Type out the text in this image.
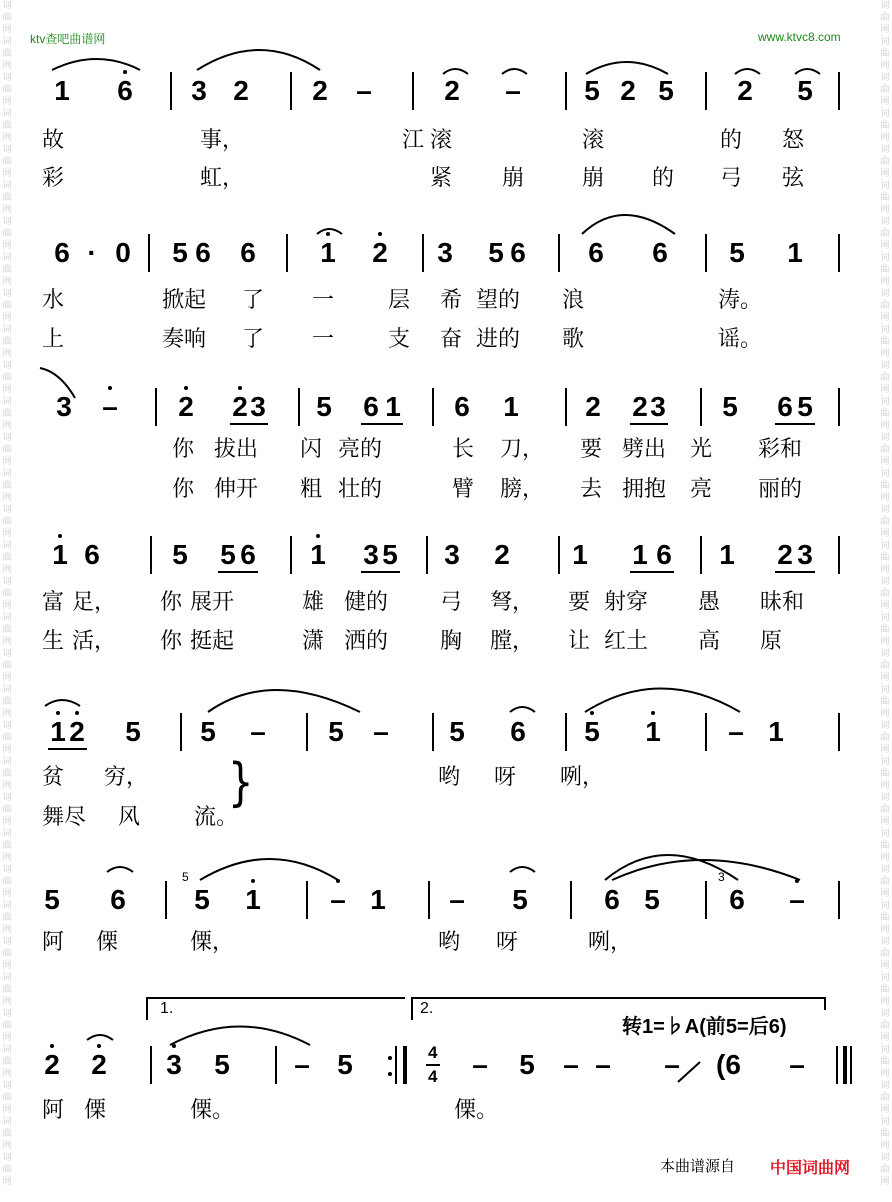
词
曲
网
词
曲
网
词
曲
网
词
曲
网
词
曲
网
词
曲
网
词
曲
网
词
曲
网
词
曲
网
词
曲
网
词
曲
网
词
曲
网
词
曲
网
词
曲
网
词
曲
网
词
曲
网
词
曲
网
词
曲
网
词
曲
网
词
曲
网
词
曲
网
词
曲
网
词
曲
网
词
曲
网
词
曲
网
词
曲
网
词
曲
网
词
曲
网
词
曲
网
词
曲
网
词
曲
网
词
曲
网
词
曲
网
词
曲
网
词
曲
网
词
曲
网
词
曲
网
词
曲
网
词
曲
网
词
曲
网
词
曲
网
词
曲
网
词
曲
网
词
曲
网
词
曲
网
词
曲
网
词
曲
网
词
曲
网
词
曲
网
词
曲
网
词
曲
网
词
曲
网
词
曲
网
词
曲
网
词
曲
网
词
曲
网
词
曲
网
词
曲
网
词
曲
网
词
曲
网
词
曲
网
词
曲
网
词
曲
网
词
曲
网
词
曲
网
词
曲
网
ktv查吧曲谱网	www.ktvc8.com
1 6 3 2 2 –	2 – 5 2 5 2 5
故	事，	滚	滚	的 怒
江
彩	虹，	紧 崩	崩 的 弓 弦
6 · 0 5 6 6 1 2 3 5 6 6 6 5 1
水	掀起 了 一 层 希 望的 浪	涛。
上	奏响 了 一 支 奋 进的 歌	谣。
3 – 2 2 3 5 6 1 6 1 2 2 3 5 6 5
你 拔出 闪 亮的	长 刀， 要 劈出 光 彩和
你 伸开 粗 壮的	臂 膀， 去 拥抱 亮 丽的
1 6	5 5 6 1 3 5 3 2 1 1 6 1 2 3
富 足， 你 展开	雄 健的 弓 弩， 要 射穿 愚 昧和
生 活， 你 挺起	潇 洒的 胸 膛， 让 红土 高 原
1 2 5 5 – 5 – 5 6 5 1 – 1
贫 穷，	哟 呀 咧，
舞尽 风 流。
5 6 5 1 – 1 – 5	6 5 6 –
阿 傈	傈，	哟 呀	咧，
2 2 3 5 – 5	– 5 – – – (6 –
阿 傈	傈。	傈。
}
1.	2.
转1=♭A(前5=后6)
4
4
5	3
本曲谱源自 中国词曲网
